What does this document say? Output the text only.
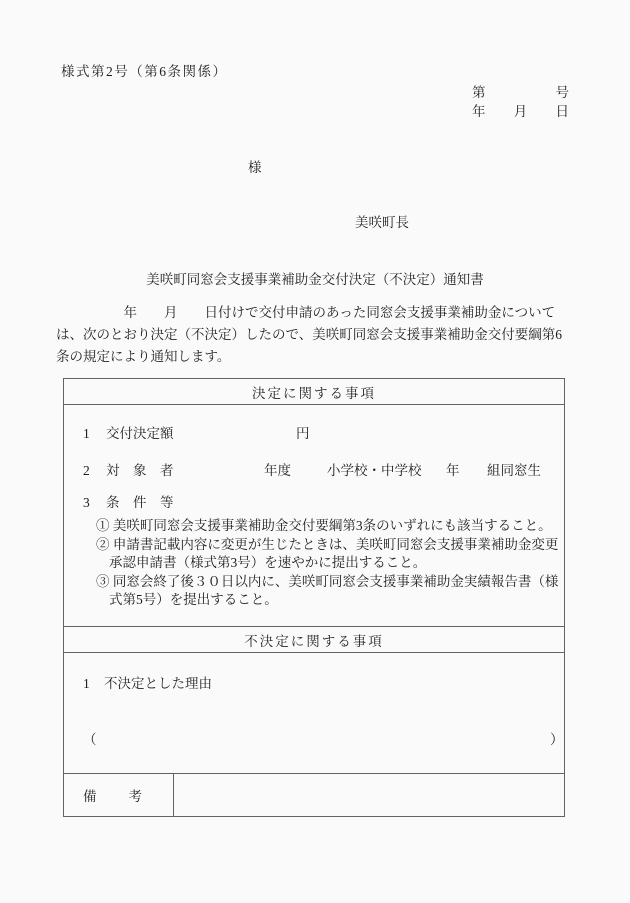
様式第2号（第6条関係）
第	号
年 月 日
様
美咲町長
美咲町同窓会支援事業補助金交付決定（不決定）通知書
　　　　　年　　月　　日付けで交付申請のあった同窓会支援事業補助金について
は、次のとおり決定（不決定）したので、美咲町同窓会支援事業補助金交付要綱第6
条の規定により通知します。
決定に関する事項
1 交付決定額	円
2 対　象　者	年度	小学校・中学校 年 組同窓生
3 条　件　等
① 美咲町同窓会支援事業補助金交付要綱第3条のいずれにも該当すること。
② 申請書記載内容に変更が生じたときは、美咲町同窓会支援事業補助金変更承認申請書（様式第3号）を速やかに提出すること。
③ 同窓会終了後３０日以内に、美咲町同窓会支援事業補助金実績報告書（様式第5号）を提出すること。
不決定に関する事項
1 不決定とした理由
（	）
備 考
